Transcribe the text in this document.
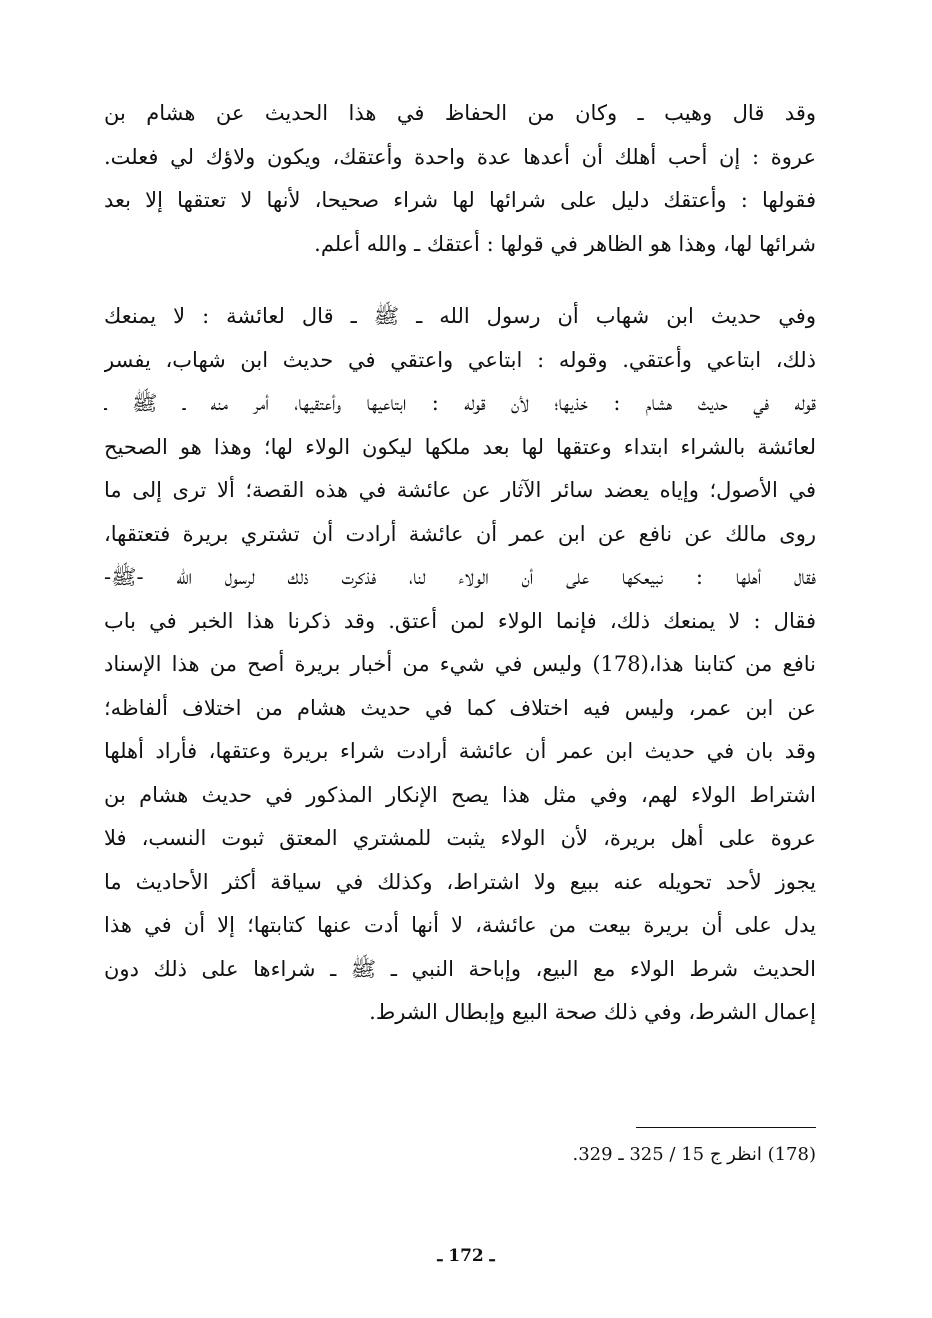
وقد قال وهيب ـ وكان من الحفاظ في هذا الحديث عن هشام بن
عروة : إن أحب أهلك أن أعدها عدة واحدة وأعتقك، ويكون ولاؤك لي فعلت.
فقولها : وأعتقك دليل على شرائها لها شراء صحيحا، لأنها لا تعتقها إلا بعد
شرائها لها، وهذا هو الظاهر في قولها : أعتقك ـ والله أعلم.
وفي حديث ابن شهاب أن رسول الله ـ ﷺ ـ قال لعائشة : لا يمنعك
ذلك، ابتاعي وأعتقي. وقوله : ابتاعي واعتقي في حديث ابن شهاب، يفسر
قوله في حديث هشام : خذيها؛ لأن قوله : ابتاعيها وأعتقيها، أمر منه ـ ﷺ ـ
لعائشة بالشراء ابتداء وعتقها لها بعد ملكها ليكون الولاء لها؛ وهذا هو الصحيح
في الأصول؛ وإياه يعضد سائر الآثار عن عائشة في هذه القصة؛ ألا ترى إلى ما
روى مالك عن نافع عن ابن عمر أن عائشة أرادت أن تشتري بريرة فتعتقها،
فقال أهلها : نبيعكها على أن الولاء لنا، فذكرت ذلك لرسول الله -ﷺ-
فقال : لا يمنعك ذلك، فإنما الولاء لمن أعتق. وقد ذكرنا هذا الخبر في باب
نافع من كتابنا هذا،(178) وليس في شيء من أخبار بريرة أصح من هذا الإسناد
عن ابن عمر، وليس فيه اختلاف كما في حديث هشام من اختلاف ألفاظه؛
وقد بان في حديث ابن عمر أن عائشة أرادت شراء بريرة وعتقها، فأراد أهلها
اشتراط الولاء لهم، وفي مثل هذا يصح الإنكار المذكور في حديث هشام بن
عروة على أهل بريرة، لأن الولاء يثبت للمشتري المعتق ثبوت النسب، فلا
يجوز لأحد تحويله عنه ببيع ولا اشتراط، وكذلك في سياقة أكثر الأحاديث ما
يدل على أن بريرة بيعت من عائشة، لا أنها أدت عنها كتابتها؛ إلا أن في هذا
الحديث شرط الولاء مع البيع، وإباحة النبي ـ ﷺ ـ شراءها على ذلك دون
إعمال الشرط، وفي ذلك صحة البيع وإبطال الشرط.
(178) انظر ج 15 / 325 ـ 329.
ـ 172 ـ
